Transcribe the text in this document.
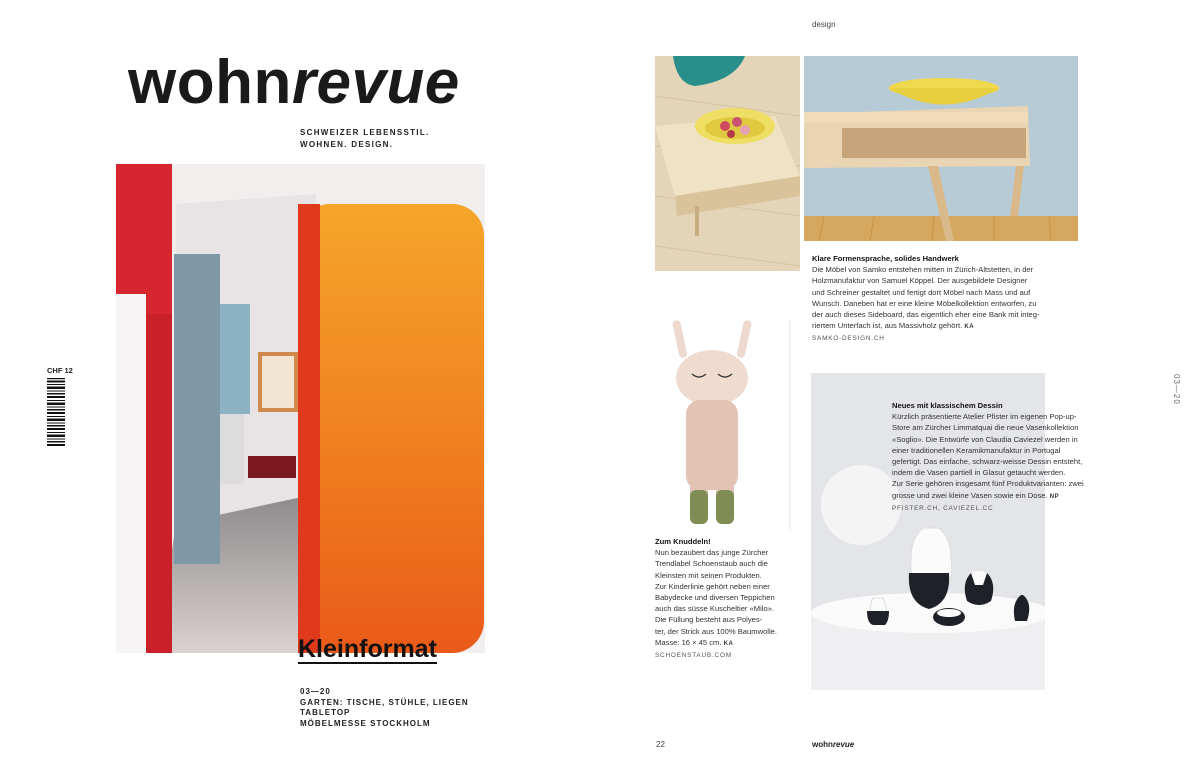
wohnrevue
SCHWEIZER LEBENSSTIL.
WOHNEN. DESIGN.
Kleinformat
03—20
GARTEN: TISCHE, STÜHLE, LIEGEN
TABLETOP
MÖBELMESSE STOCKHOLM
CHF 12
design
Klare Formensprache, solides Handwerk
Die Möbel von Samko entstehen mitten in Zürich-Altstetten, in der
Holzmanufaktur von Samuel Köppel. Der ausgebildete Designer
und Schreiner gestaltet und fertigt dort Möbel nach Mass und auf
Wunsch. Daneben hat er eine kleine Möbelkollektion entworfen, zu
der auch dieses Sideboard, das eigentlich eher eine Bank mit integ-
riertem Unterfach ist, aus Massivholz gehört. KA
SAMKO-DESIGN.CH
Zum Knuddeln!
Nun bezaubert das junge Zürcher
Trendlabel Schoenstaub auch die
Kleinsten mit seinen Produkten.
Zur Kinderlinie gehört neben einer
Babydecke und diversen Teppichen
auch das süsse Kuscheltier «Milo».
Die Füllung besteht aus Polyes-
ter, der Strick aus 100% Baumwolle.
Masse: 16 × 45 cm. KA
SCHOENSTAUB.COM
Neues mit klassischem Dessin
Kürzlich präsentierte Atelier Pfister im eigenen Pop-up-
Store am Zürcher Limmatquai die neue Vasenkollektion
«Soglio». Die Entwürfe von Claudia Caviezel werden in
einer traditionellen Keramikmanufaktur in Portugal
gefertigt. Das einfache, schwarz-weisse Dessin entsteht,
indem die Vasen partiell in Glasur getaucht werden.
Zur Serie gehören insgesamt fünf Produktvarianten: zwei
grosse und zwei kleine Vasen sowie ein Dose. NP
PFISTER.CH, CAVIEZEL.CC
22	wohnrevue
03—20
